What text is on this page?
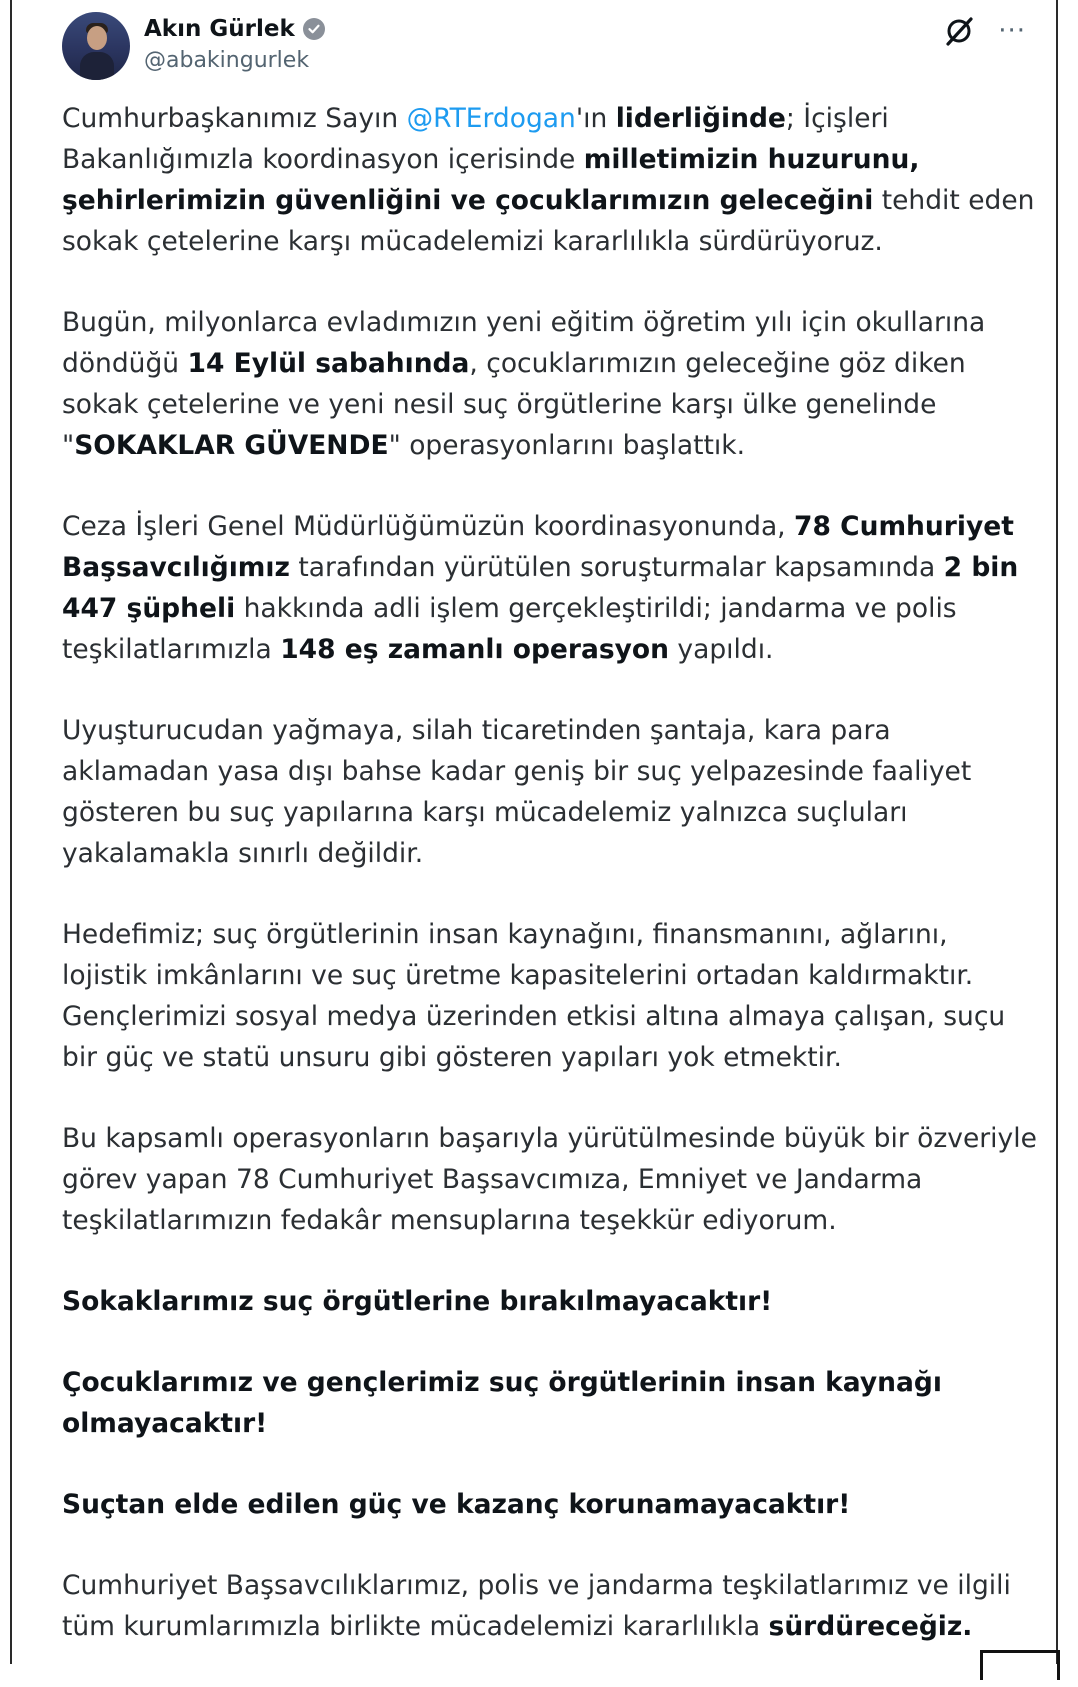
Akın Gürlek
@abakingurlek
···

Cumhurbaşkanımız Sayın @RTErdogan'ın liderliğinde; İçişleri Bakanlığımızla koordinasyon içerisinde milletimizin huzurunu, şehirlerimizin güvenliğini ve çocuklarımızın geleceğini tehdit eden sokak çetelerine karşı mücadelemizi kararlılıkla sürdürüyoruz.

Bugün, milyonlarca evladımızın yeni eğitim öğretim yılı için okullarına döndüğü 14 Eylül sabahında, çocuklarımızın geleceğine göz diken sokak çetelerine ve yeni nesil suç örgütlerine karşı ülke genelinde "SOKAKLAR GÜVENDE" operasyonlarını başlattık.

Ceza İşleri Genel Müdürlüğümüzün koordinasyonunda, 78 Cumhuriyet Başsavcılığımız tarafından yürütülen soruşturmalar kapsamında 2 bin 447 şüpheli hakkında adli işlem gerçekleştirildi; jandarma ve polis teşkilatlarımızla 148 eş zamanlı operasyon yapıldı.

Uyuşturucudan yağmaya, silah ticaretinden şantaja, kara para aklamadan yasa dışı bahse kadar geniş bir suç yelpazesinde faaliyet gösteren bu suç yapılarına karşı mücadelemiz yalnızca suçluları yakalamakla sınırlı değildir.

Hedefimiz; suç örgütlerinin insan kaynağını, finansmanını, ağlarını, lojistik imkânlarını ve suç üretme kapasitelerini ortadan kaldırmaktır. Gençlerimizi sosyal medya üzerinden etkisi altına almaya çalışan, suçu bir güç ve statü unsuru gibi gösteren yapıları yok etmektir.

Bu kapsamlı operasyonların başarıyla yürütülmesinde büyük bir özveriyle görev yapan 78 Cumhuriyet Başsavcımıza, Emniyet ve Jandarma teşkilatlarımızın fedakâr mensuplarına teşekkür ediyorum.

Sokaklarımız suç örgütlerine bırakılmayacaktır!

Çocuklarımız ve gençlerimiz suç örgütlerinin insan kaynağı olmayacaktır!

Suçtan elde edilen güç ve kazanç korunamayacaktır!

Cumhuriyet Başsavcılıklarımız, polis ve jandarma teşkilatlarımız ve ilgili tüm kurumlarımızla birlikte mücadelemizi kararlılıkla sürdüreceğiz.
